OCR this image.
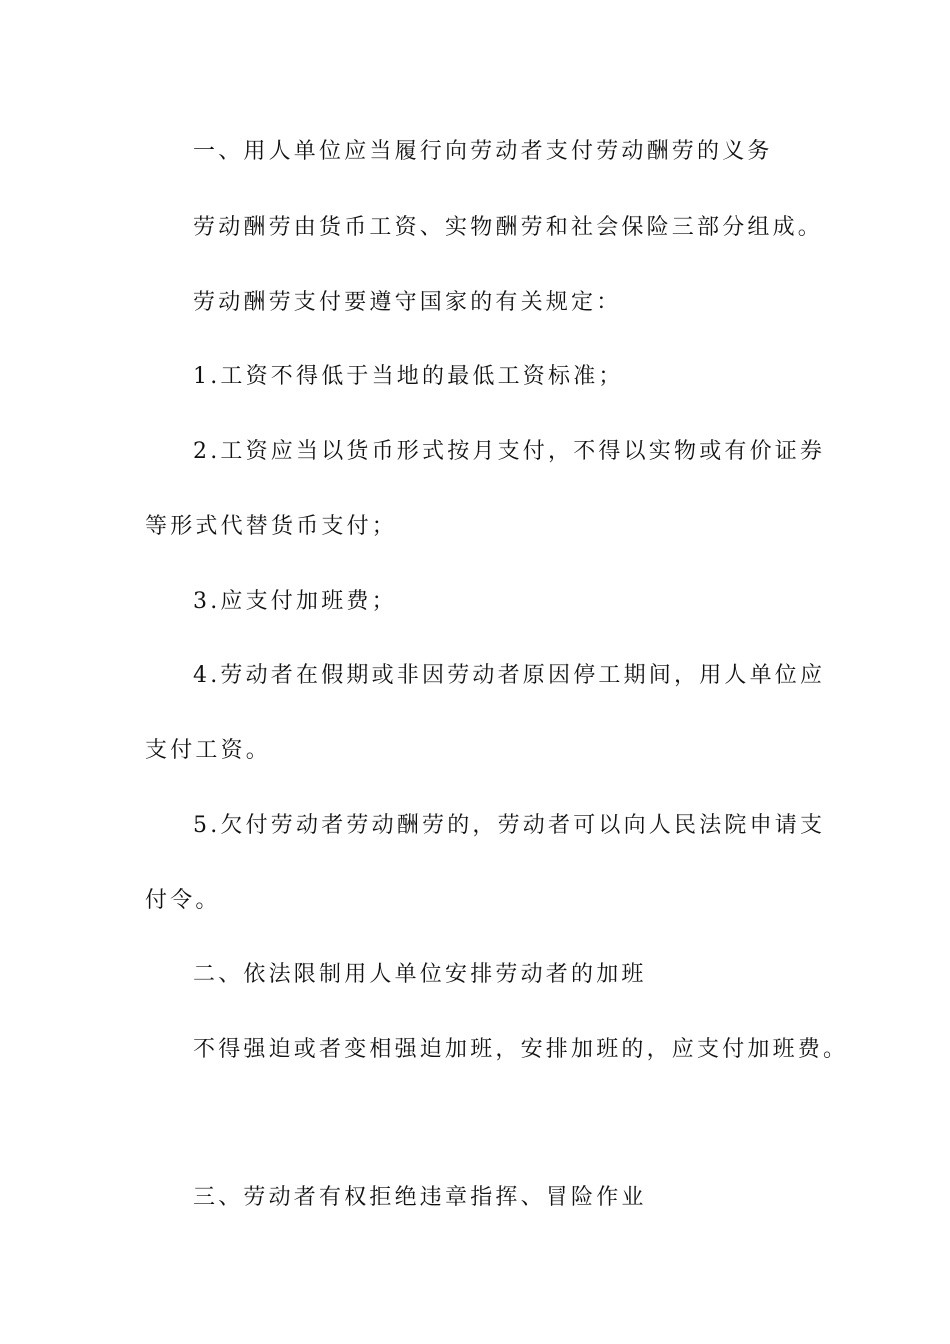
一、用人单位应当履行向劳动者支付劳动酬劳的义务
劳动酬劳由货币工资、实物酬劳和社会保险三部分组成。
劳动酬劳支付要遵守国家的有关规定：
1.工资不得低于当地的最低工资标准；
2.工资应当以货币形式按月支付，不得以实物或有价证券
等形式代替货币支付；
3.应支付加班费；
4.劳动者在假期或非因劳动者原因停工期间，用人单位应
支付工资。
5.欠付劳动者劳动酬劳的，劳动者可以向人民法院申请支
付令。
二、依法限制用人单位安排劳动者的加班
不得强迫或者变相强迫加班，安排加班的，应支付加班费。
三、劳动者有权拒绝违章指挥、冒险作业
